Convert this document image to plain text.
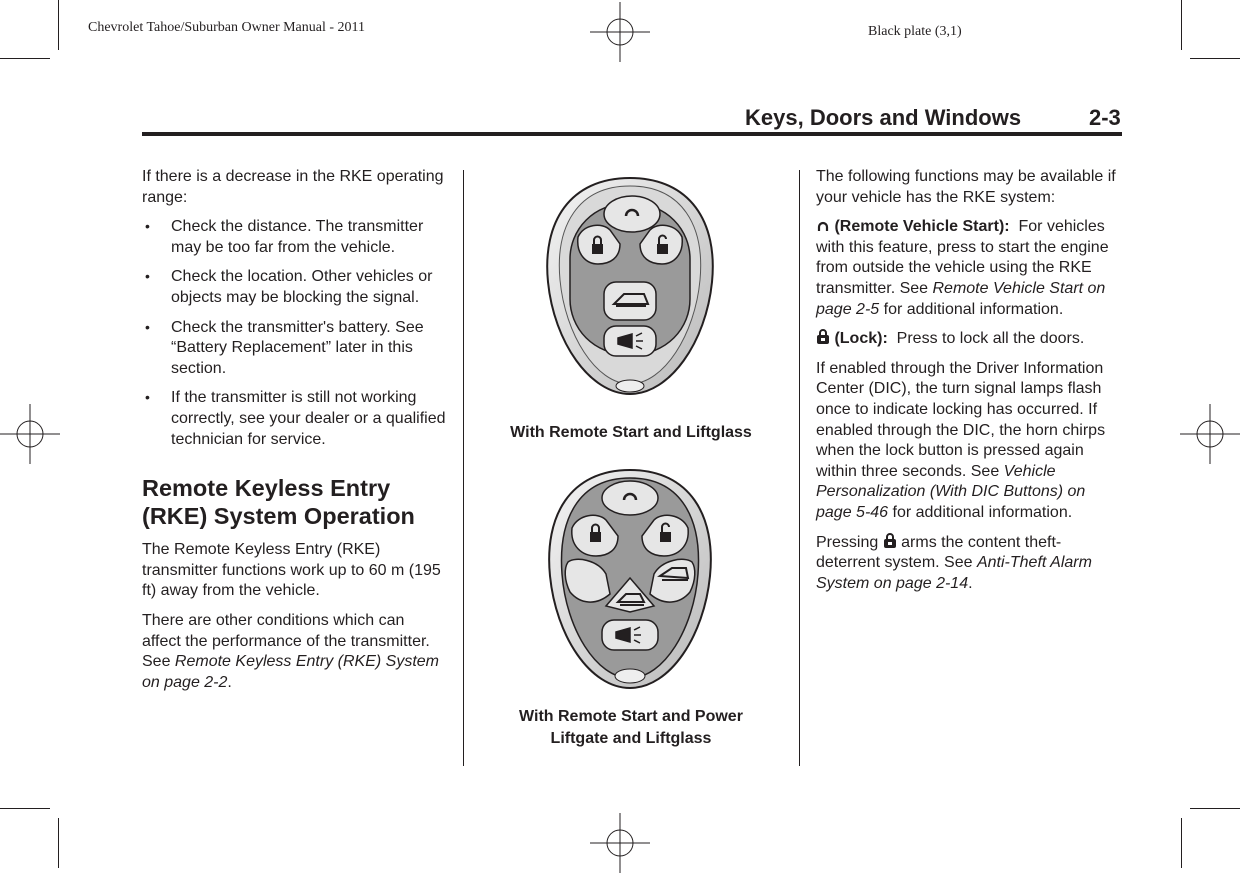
Chevrolet Tahoe/Suburban Owner Manual - 2011	Black plate (3,1)
Keys, Doors and Windows	2-3

If there is a decrease in the RKE operating range:

• Check the distance. The transmitter may be too far from the vehicle.
• Check the location. Other vehicles or objects may be blocking the signal.
• Check the transmitter's battery. See “Battery Replacement” later in this section.
• If the transmitter is still not working correctly, see your dealer or a qualified technician for service.
Remote Keyless Entry (RKE) System Operation

The Remote Keyless Entry (RKE) transmitter functions work up to 60 m (195 ft) away from the vehicle.

There are other conditions which can affect the performance of the transmitter. See Remote Keyless Entry (RKE) System on page 2-2.

With Remote Start and Liftglass
With Remote Start and Power
Liftgate and Liftglass

The following functions may be available if your vehicle has the RKE system:

(Remote Vehicle Start): For vehicles with this feature, press to start the engine from outside the vehicle using the RKE transmitter. See Remote Vehicle Start on page 2-5 for additional information.

(Lock): Press to lock all the doors.

If enabled through the Driver Information Center (DIC), the turn signal lamps flash once to indicate locking has occurred. If enabled through the DIC, the horn chirps when the lock button is pressed again within three seconds. See Vehicle Personalization (With DIC Buttons) on page 5-46 for additional information.

Pressing  arms the content theft-deterrent system. See Anti-Theft Alarm System on page 2-14.
